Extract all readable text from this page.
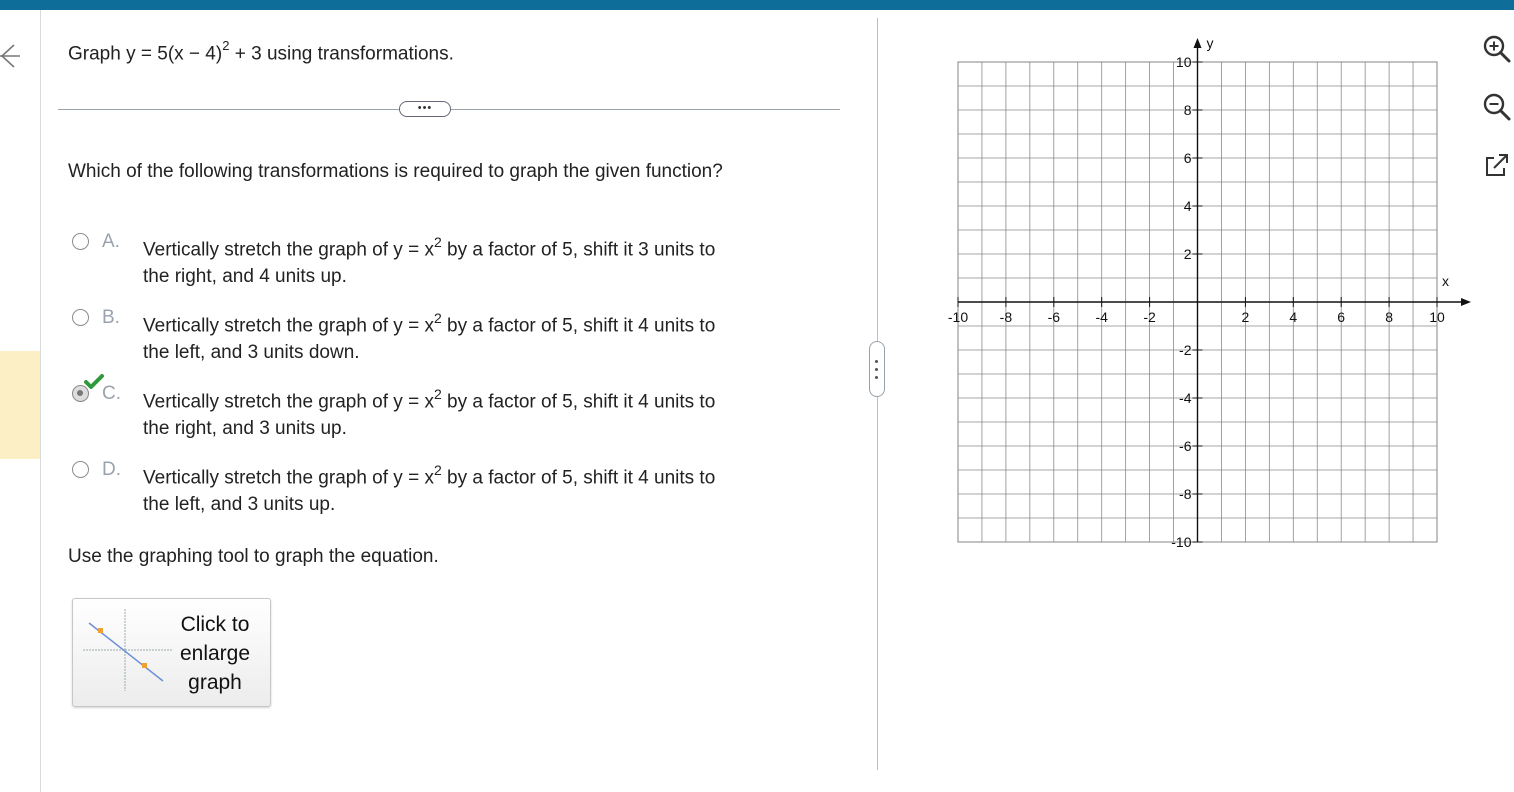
Graph $y = 5(x - 4)^2 + 3$ using transformations.
•••
Which of the following transformations is required to graph the given function?
A. Vertically stretch the graph of $y = x^2$ by a factor of 5, shift it 3 units to
the right, and 4 units up.
B. Vertically stretch the graph of $y = x^2$ by a factor of 5, shift it 4 units to
the left, and 3 units down.
C. Vertically stretch the graph of $y = x^2$ by a factor of 5, shift it 4 units to
the right, and 3 units up.
D. Vertically stretch the graph of $y = x^2$ by a factor of 5, shift it 4 units to
the left, and 3 units up.
Use the graphing tool to graph the equation.
Click to
enlarge
graph
y
x
-10 -8	-6	-4	-2	2	4	6	8	10
10
8
6
4
2
-2
-4
-6
-8
-10
